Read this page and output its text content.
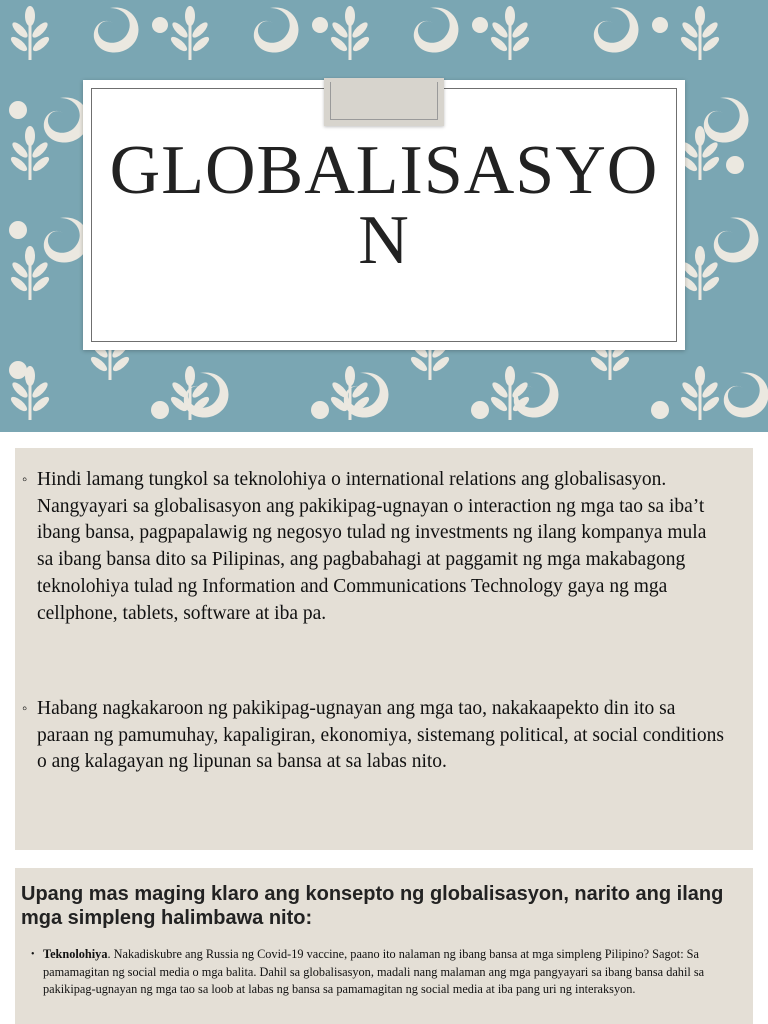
GLOBALISASYON
◦ Hindi lamang tungkol sa teknolohiya o international relations ang globalisasyon. Nangyayari sa globalisasyon ang pakikipag-ugnayan o interaction ng mga tao sa iba’t ibang bansa, pagpapalawig ng negosyo tulad ng investments ng ilang kompanya mula sa ibang bansa dito sa Pilipinas, ang pagbabahagi at paggamit ng mga makabagong teknolohiya tulad ng Information and Communications Technology gaya ng mga cellphone, tablets, software at iba pa.
◦ Habang nagkakaroon ng pakikipag-ugnayan ang mga tao, nakakaapekto din ito sa paraan ng pamumuhay, kapaligiran, ekonomiya, sistemang political, at social conditions o ang kalagayan ng lipunan sa bansa at sa labas nito.
Upang mas maging klaro ang konsepto ng globalisasyon, narito ang ilang mga simpleng halimbawa nito:
• Teknolohiya. Nakadiskubre ang Russia ng Covid-19 vaccine, paano ito nalaman ng ibang bansa at mga simpleng Pilipino? Sagot: Sa pamamagitan ng social media o mga balita. Dahil sa globalisasyon, madali nang malaman ang mga pangyayari sa ibang bansa dahil sa pakikipag-ugnayan ng mga tao sa loob at labas ng bansa sa pamamagitan ng social media at iba pang uri ng interaksyon.
